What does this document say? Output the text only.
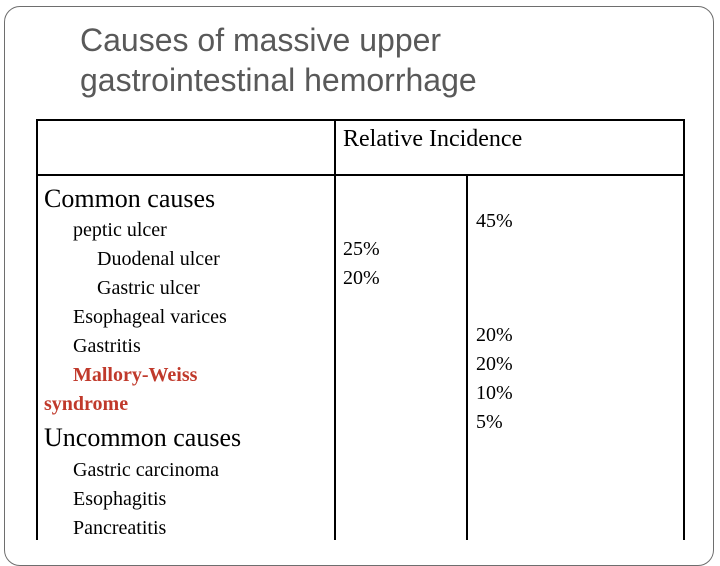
Causes of massive upper
gastrointestinal hemorrhage
Relative Incidence
Common causes
peptic ulcer
Duodenal ulcer
Gastric ulcer
Esophageal varices
Gastritis
Mallory-Weiss
syndrome
Uncommon causes
Gastric carcinoma
Esophagitis
Pancreatitis
25%
20%
45%
20%
20%
10%
5%
